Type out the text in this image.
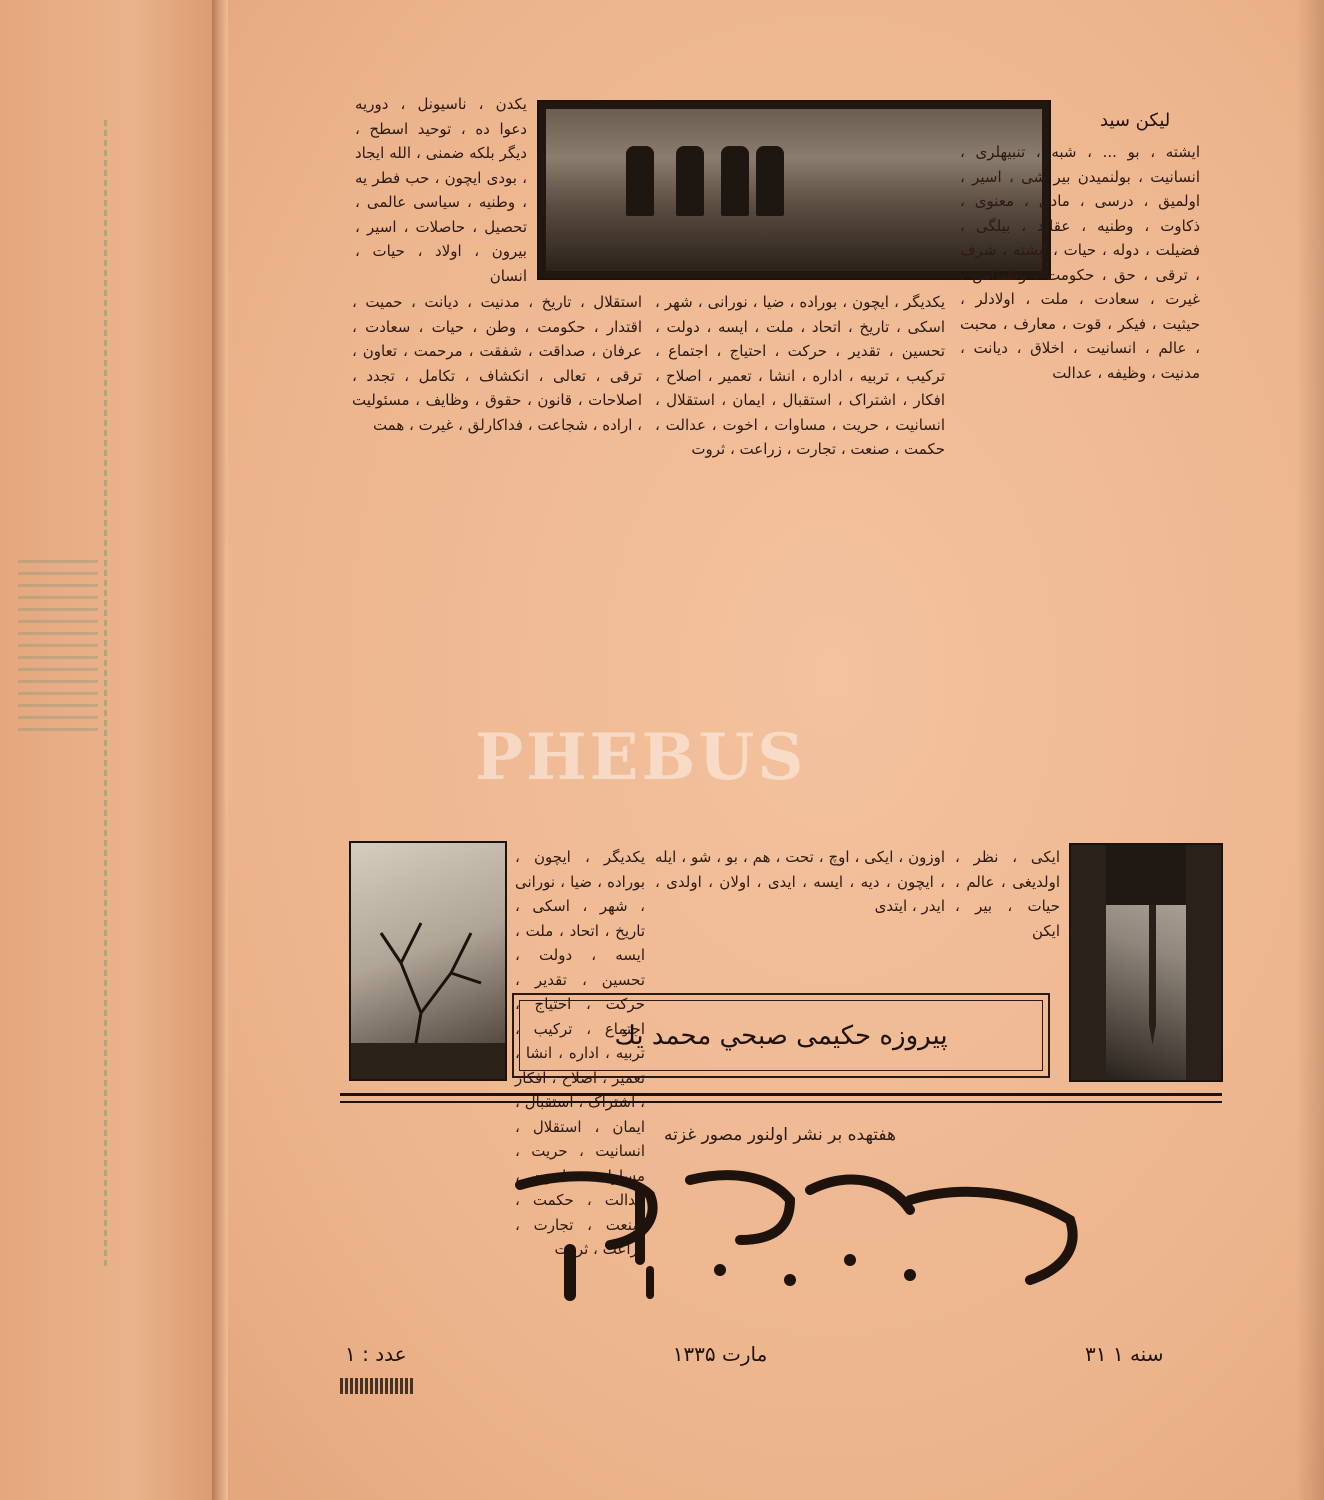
لیکن سید
یکدن ، ناسیونل ، دوریه دعوا ده ، توحید اسطح ، دیگر بلکه ضمنی ، الله ایجاد ، بودی ایچون ، حب فطر یه ، وطنیه ، سیاسی عالمی ، تحصیل ، حاصلات ، اسیر ، بیرون ، اولاد ، حیات ، انسان
ایشته ، بو ... ، شبه ، تنبیهلری ، انسانیت ، بولنمیدن بیر شی ، اسیر ، اولمیق ، درسی ، مادی ، معنوی ، ذکاوت ، وطنیه ، عقاید ، بیلگی ، فضیلت ، دوله ، حیات ، ایشته ، شرف ، ترقی ، حق ، حکومت ، وطنداش ، غیرت ، سعادت ، ملت ، اولادلر ، حیثیت ، فیکر ، قوت ، معارف ، محبت ، عالم ، انسانیت ، اخلاق ، دیانت ، مدنیت ، وظیفه ، عدالت
یکدیگر ، ایچون ، بوراده ، ضیا ، نورانی ، شهر ، اسکی ، تاریخ ، اتحاد ، ملت ، ایسه ، دولت ، تحسین ، تقدیر ، حرکت ، احتیاج ، اجتماع ، ترکیب ، تربیه ، اداره ، انشا ، تعمیر ، اصلاح ، افکار ، اشتراک ، استقبال ، ایمان ، استقلال ، انسانیت ، حریت ، مساوات ، اخوت ، عدالت ، حکمت ، صنعت ، تجارت ، زراعت ، ثروت
استقلال ، تاریخ ، مدنیت ، دیانت ، حمیت ، اقتدار ، حکومت ، وطن ، حیات ، سعادت ، عرفان ، صداقت ، شفقت ، مرحمت ، تعاون ، ترقی ، تعالی ، انکشاف ، تکامل ، تجدد ، اصلاحات ، قانون ، حقوق ، وظایف ، مسئولیت ، اراده ، شجاعت ، فداکارلق ، غیرت ، همت
اوزون ، ایکی ، اوچ ، تحت ، هم ، بو ، شو ، ایله ، ایچون ، دیه ، ایسه ، ایدی ، اولان ، اولدی ، ایدر ، ایتدی
یکدیگر ، ایچون ، بوراده ، ضیا ، نورانی ، شهر ، اسکی ، تاریخ ، اتحاد ، ملت ، ایسه ، دولت ، تحسین ، تقدیر ، حرکت ، احتیاج ، اجتماع ، ترکیب ، تربیه ، اداره ، انشا ، تعمیر ، اصلاح ، افکار ، اشتراک ، استقبال ، ایمان ، استقلال ، انسانیت ، حریت ، مساوات ، اخوت ، عدالت ، حکمت ، صنعت ، تجارت ، زراعت ، ثروت
ایکی ، نظر ، اولدیغی ، عالم ، حیات ، بیر ، ایکن
پيروزه حكيمى صبحي محمد يك
هفتهده بر نشر اولنور مصور غزته
عدد : ۱	مارت ۱۳۳۵	سنه ۱ ۳۱
PHEBUS
